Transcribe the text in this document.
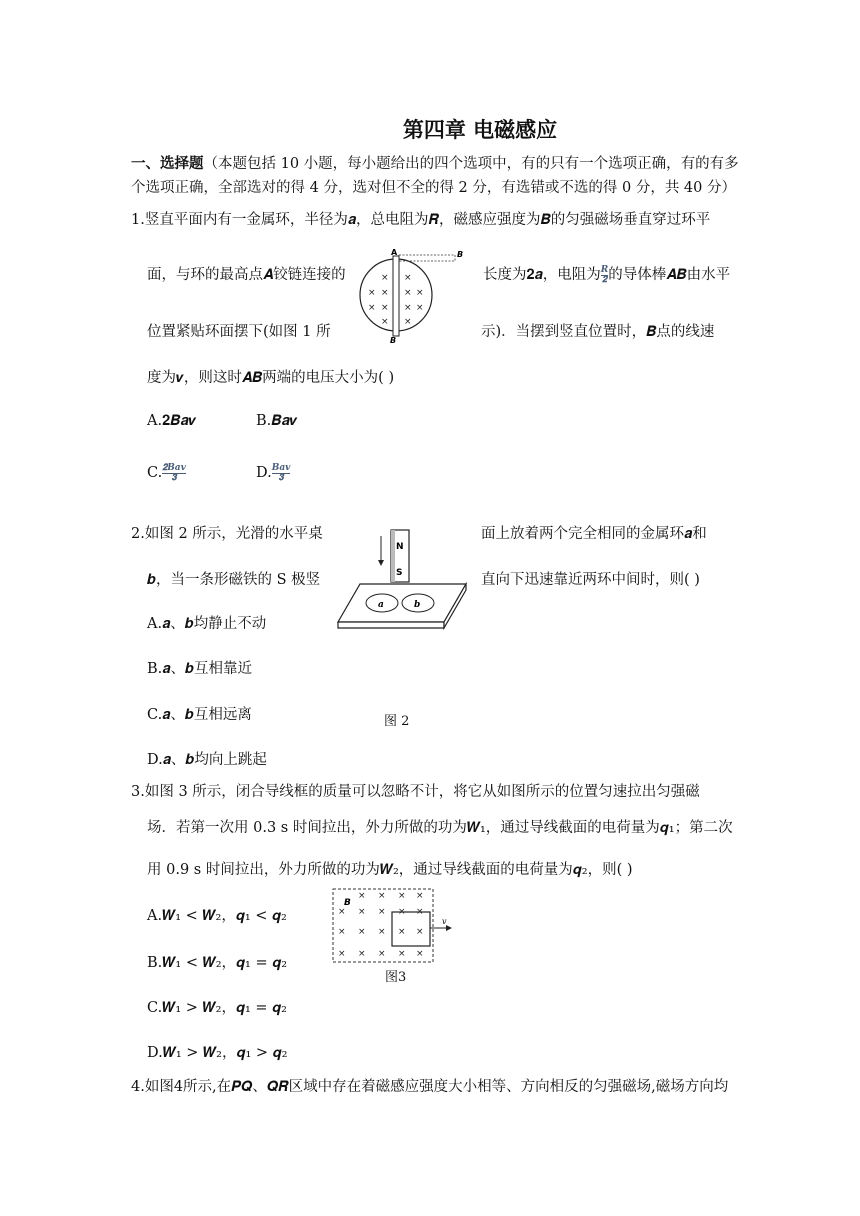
第四章 电磁感应
一、选择题（本题包括 10 小题，每小题给出的四个选项中，有的只有一个选项正确，有的有多
个选项正确，全部选对的得 4 分，选对但不全的得 2 分，有选错或不选的得 0 分，共 40 分）
1.竖直平面内有一金属环，半径为𝒂，总电阻为𝑹，磁感应强度为𝑩的匀强磁场垂直穿过环平
面，与环的最高点𝑨铰链连接的	长度为𝟐𝒂，电阻为 $\frac{\text{𝑹}}{𝟐}$ 的导体棒𝑨𝑩由水平
位置紧贴环面摆下(如图 1 所	示)．当摆到竖直位置时，𝑩点的线速
度为𝒗，则这时𝑨𝑩两端的电压大小为( )
A.𝟐𝑩𝒂𝒗	B.𝑩𝒂𝒗
C. $\frac{\text{𝟐𝑩𝒂𝒗}}{𝟑}$	D. $\frac{\text{𝑩𝒂𝒗}}{𝟑}$
A	B
B
× ×
× × × ×
× × × ×
× ×
2.如图 2 所示，光滑的水平桌	面上放着两个完全相同的金属环𝒂和
𝒃，当一条形磁铁的 S 极竖	直向下迅速靠近两环中间时，则( )
A.𝒂、𝒃均静止不动
B.𝒂、𝒃互相靠近
C.𝒂、𝒃互相远离
D.𝒂、𝒃均向上跳起
图 2
a	b
N
S
3.如图 3 所示，闭合导线框的质量可以忽略不计，将它从如图所示的位置匀速拉出匀强磁
场．若第一次用 0.3 s 时间拉出，外力所做的功为𝑾₁，通过导线截面的电荷量为𝒒₁；第二次
用 0.9 s 时间拉出，外力所做的功为𝑾₂，通过导线截面的电荷量为𝒒₂，则( )
A.𝑾₁ < 𝑾₂，𝒒₁ < 𝒒₂
B.𝑾₁ < 𝑾₂，𝒒₁ = 𝒒₂
C.𝑾₁ > 𝑾₂，𝒒₁ = 𝒒₂
D.𝑾₁ > 𝑾₂，𝒒₁ > 𝒒₂
图3
v
B
× × × × ×
× × × × ×
× × × × ×
× × × ×
4.如图4所示,在𝑷𝑸、𝑸𝑹区域中存在着磁感应强度大小相等、方向相反的匀强磁场,磁场方向均
